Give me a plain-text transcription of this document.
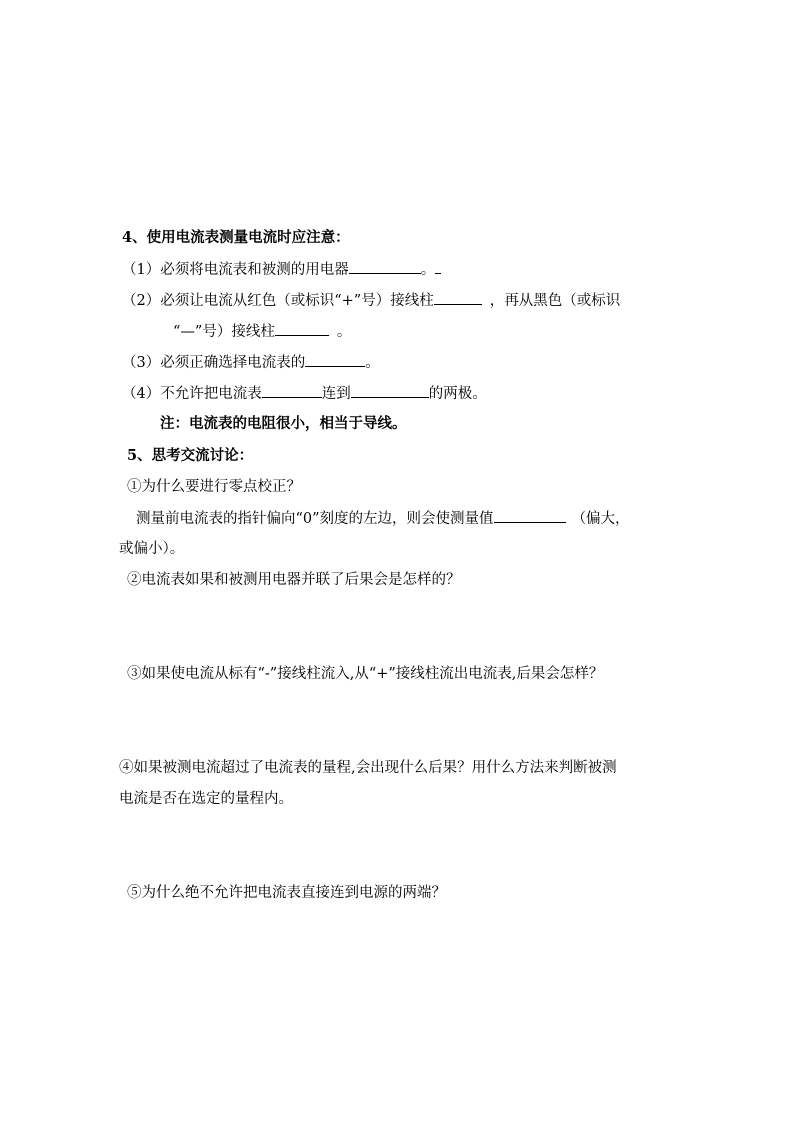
4、使用电流表测量电流时应注意：
（1）必须将电流表和被测的用电器	。
（2）必须让电流从红色（或标识“+”号）接线柱	，再从黑色（或标识
“—”号）接线柱	。
（3）必须正确选择电流表的	。
（4）不允许把电流表	连到	的两极。
注：电流表的电阻很小，相当于导线。
5、思考交流讨论：
①为什么要进行零点校正？
测量前电流表的指针偏向“0”刻度的左边，则会使测量值	（偏大，
或偏小）。
②电流表如果和被测用电器并联了后果会是怎样的？
③如果使电流从标有“-”接线柱流入,从“+”接线柱流出电流表,后果会怎样？
④如果被测电流超过了电流表的量程,会出现什么后果？用什么方法来判断被测
电流是否在选定的量程内。
⑤为什么绝不允许把电流表直接连到电源的两端？
